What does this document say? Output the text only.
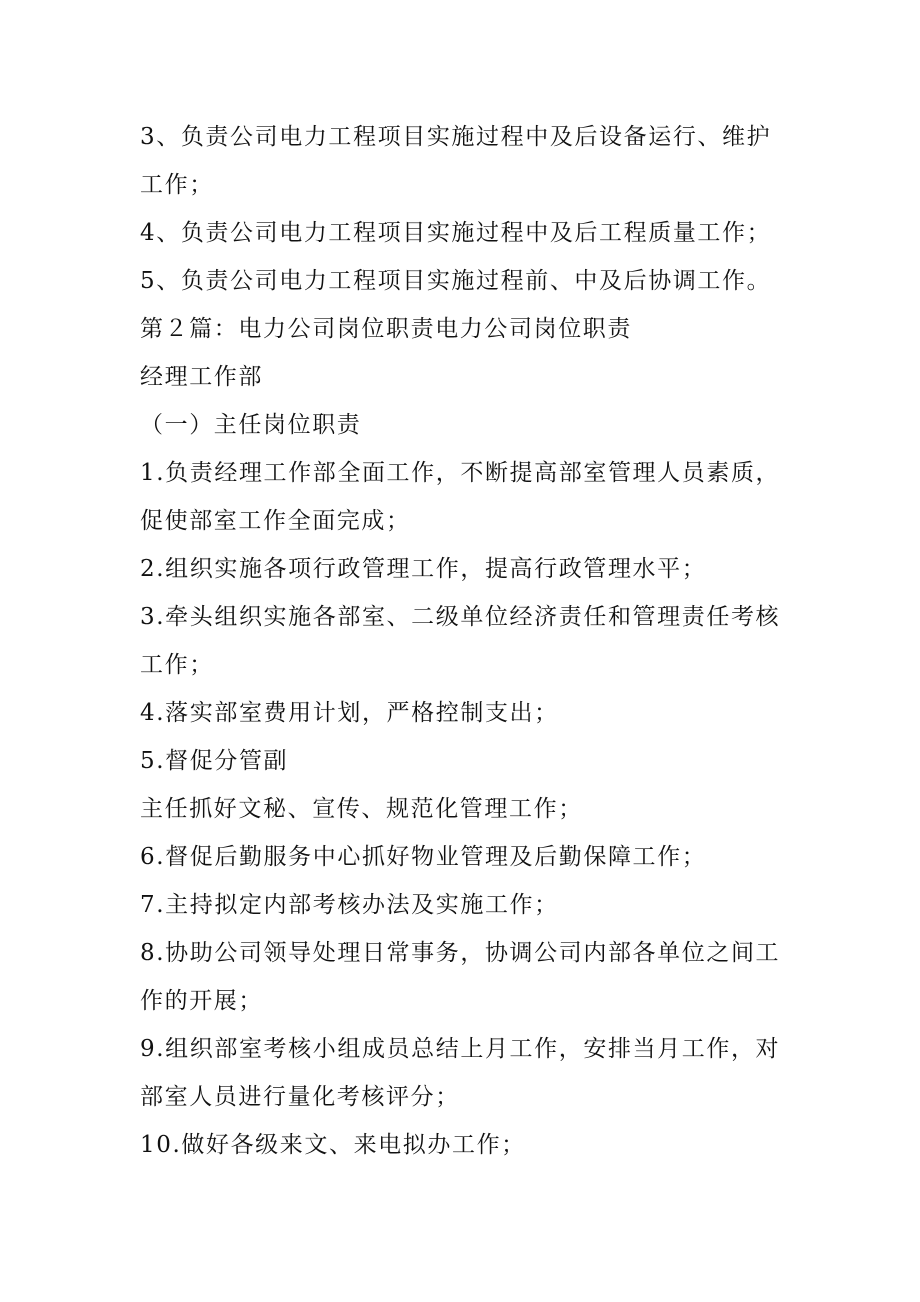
3、负责公司电力工程项目实施过程中及后设备运行、维护

工作；

4、负责公司电力工程项目实施过程中及后工程质量工作；

5、负责公司电力工程项目实施过程前、中及后协调工作。

第２篇：电力公司岗位职责电力公司岗位职责

经理工作部

（一）主任岗位职责

1.负责经理工作部全面工作，不断提高部室管理人员素质，

促使部室工作全面完成；

2.组织实施各项行政管理工作，提高行政管理水平；

3.牵头组织实施各部室、二级单位经济责任和管理责任考核

工作；

4.落实部室费用计划，严格控制支出；

5.督促分管副

主任抓好文秘、宣传、规范化管理工作；

6.督促后勤服务中心抓好物业管理及后勤保障工作；

7.主持拟定内部考核办法及实施工作；

8.协助公司领导处理日常事务，协调公司内部各单位之间工

作的开展；

9.组织部室考核小组成员总结上月工作，安排当月工作，对

部室人员进行量化考核评分；

10.做好各级来文、来电拟办工作；
